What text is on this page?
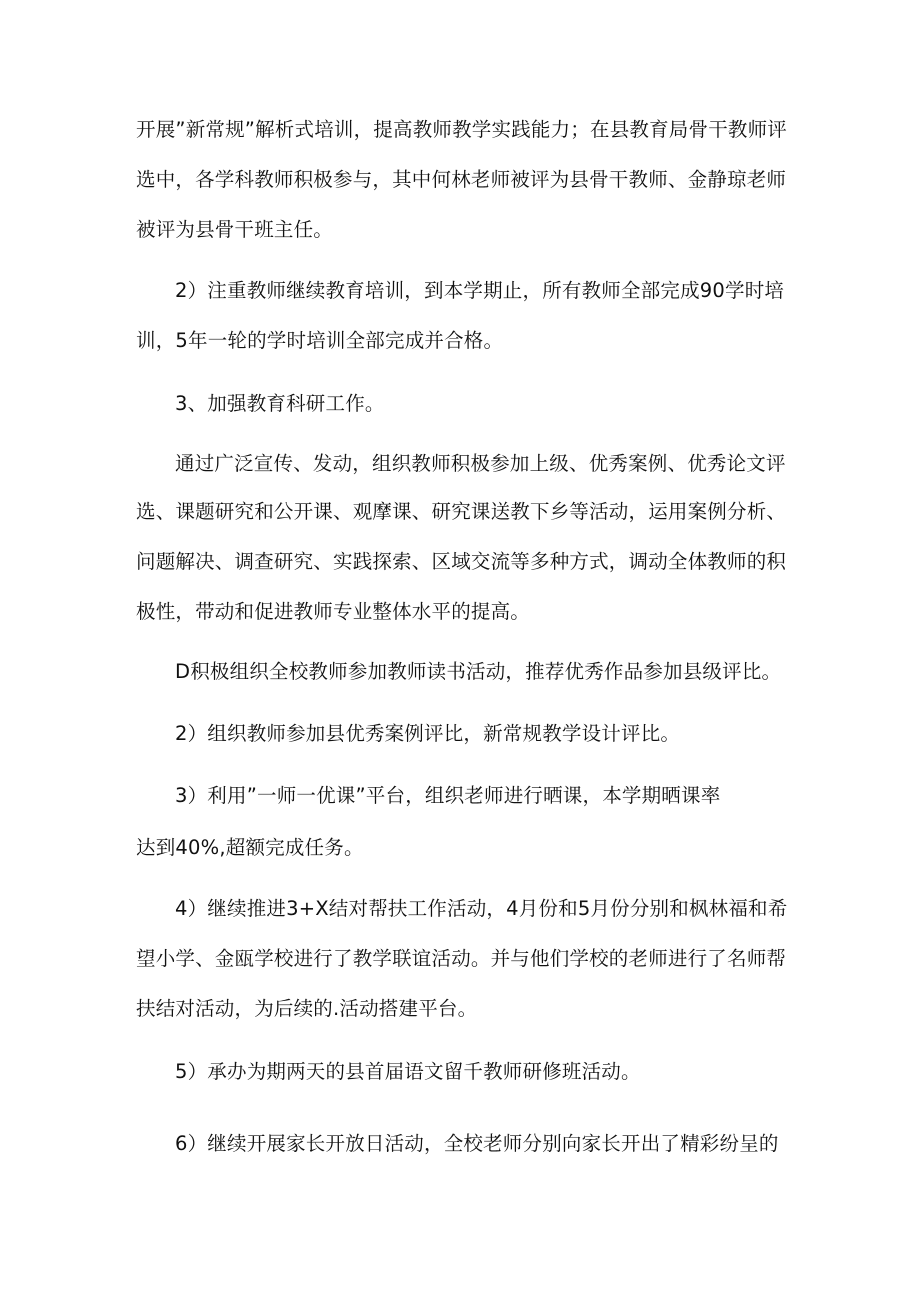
开展”新常规”解析式培训，提高教师教学实践能力；在县教育局骨干教师评

选中，各学科教师积极参与，其中何林老师被评为县骨干教师、金静琼老师

被评为县骨干班主任。

2）注重教师继续教育培训，到本学期止，所有教师全部完成90学时培

训，5年一轮的学时培训全部完成并合格。

3、加强教育科研工作。

通过广泛宣传、发动，组织教师积极参加上级、优秀案例、优秀论文评

选、课题研究和公开课、观摩课、研究课送教下乡等活动，运用案例分析、

问题解决、调查研究、实践探索、区域交流等多种方式，调动全体教师的积

极性，带动和促进教师专业整体水平的提高。

D积极组织全校教师参加教师读书活动，推荐优秀作品参加县级评比。

2）组织教师参加县优秀案例评比，新常规教学设计评比。

3）利用”一师一优课”平台，组织老师进行晒课，本学期晒课率

达到40%,超额完成任务。

4）继续推进3+X结对帮扶工作活动，4月份和5月份分别和枫林福和希

望小学、金瓯学校进行了教学联谊活动。并与他们学校的老师进行了名师帮

扶结对活动，为后续的.活动搭建平台。

5）承办为期两天的县首届语文留千教师研修班活动。

6）继续开展家长开放日活动，全校老师分别向家长开出了精彩纷呈的
